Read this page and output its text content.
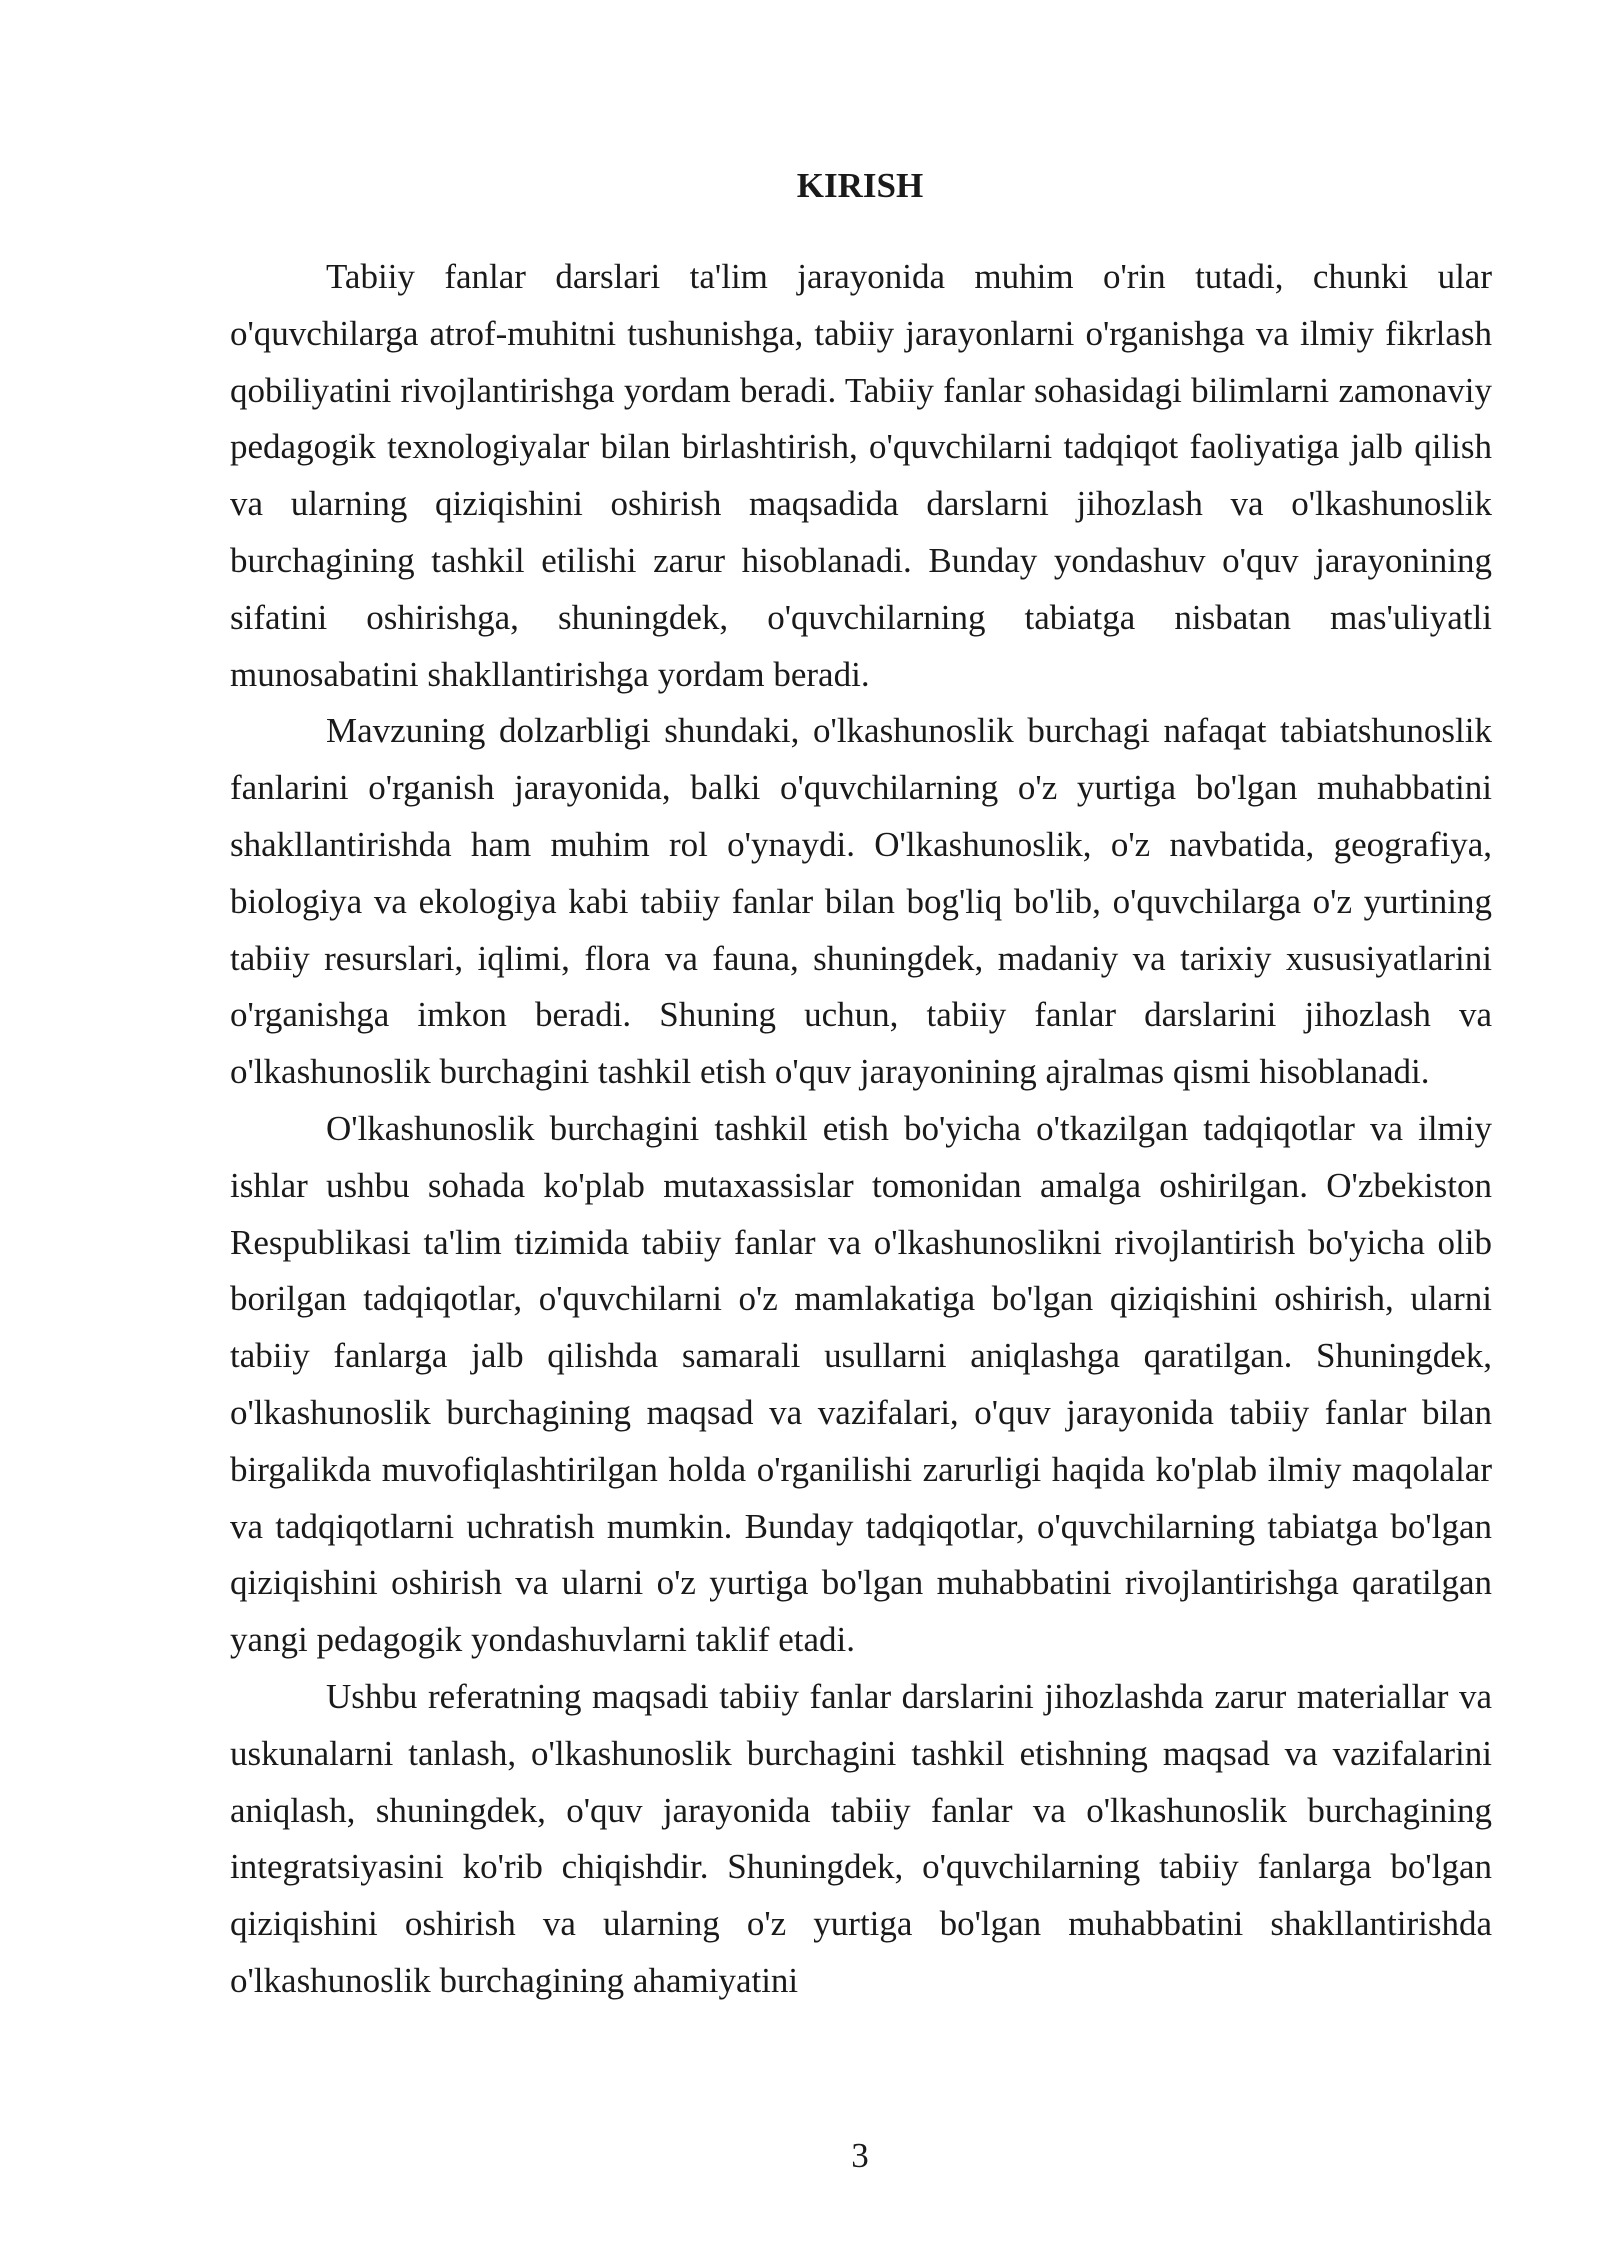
KIRISH

Tabiiy fanlar darslari ta'lim jarayonida muhim o'rin tutadi, chunki ular o'quvchilarga atrof-muhitni tushunishga, tabiiy jarayonlarni o'rganishga va ilmiy fikrlash qobiliyatini rivojlantirishga yordam beradi. Tabiiy fanlar sohasidagi bilimlarni zamonaviy pedagogik texnologiyalar bilan birlashtirish, o'quvchilarni tadqiqot faoliyatiga jalb qilish va ularning qiziqishini oshirish maqsadida darslarni jihozlash va o'lkashunoslik burchagining tashkil etilishi zarur hisoblanadi. Bunday yondashuv o'quv jarayonining sifatini oshirishga, shuningdek, o'quvchilarning tabiatga nisbatan mas'uliyatli munosabatini shakllantirishga yordam beradi.

Mavzuning dolzarbligi shundaki, o'lkashunoslik burchagi nafaqat tabiatshunoslik fanlarini o'rganish jarayonida, balki o'quvchilarning o'z yurtiga bo'lgan muhabbatini shakllantirishda ham muhim rol o'ynaydi. O'lkashunoslik, o'z navbatida, geografiya, biologiya va ekologiya kabi tabiiy fanlar bilan bog'liq bo'lib, o'quvchilarga o'z yurtining tabiiy resurslari, iqlimi, flora va fauna, shuningdek, madaniy va tarixiy xususiyatlarini o'rganishga imkon beradi. Shuning uchun, tabiiy fanlar darslarini jihozlash va o'lkashunoslik burchagini tashkil etish o'quv jarayonining ajralmas qismi hisoblanadi.

O'lkashunoslik burchagini tashkil etish bo'yicha o'tkazilgan tadqiqotlar va ilmiy ishlar ushbu sohada ko'plab mutaxassislar tomonidan amalga oshirilgan. O'zbekiston Respublikasi ta'lim tizimida tabiiy fanlar va o'lkashunoslikni rivojlantirish bo'yicha olib borilgan tadqiqotlar, o'quvchilarni o'z mamlakatiga bo'lgan qiziqishini oshirish, ularni tabiiy fanlarga jalb qilishda samarali usullarni aniqlashga qaratilgan. Shuningdek, o'lkashunoslik burchagining maqsad va vazifalari, o'quv jarayonida tabiiy fanlar bilan birgalikda muvofiqlashtirilgan holda o'rganilishi zarurligi haqida ko'plab ilmiy maqolalar va tadqiqotlarni uchratish mumkin. Bunday tadqiqotlar, o'quvchilarning tabiatga bo'lgan qiziqishini oshirish va ularni o'z yurtiga bo'lgan muhabbatini rivojlantirishga qaratilgan yangi pedagogik yondashuvlarni taklif etadi.

Ushbu referatning maqsadi tabiiy fanlar darslarini jihozlashda zarur materiallar va uskunalarni tanlash, o'lkashunoslik burchagini tashkil etishning maqsad va vazifalarini aniqlash, shuningdek, o'quv jarayonida tabiiy fanlar va o'lkashunoslik burchagining integratsiyasini ko'rib chiqishdir. Shuningdek, o'quvchilarning tabiiy fanlarga bo'lgan qiziqishini oshirish va ularning o'z yurtiga bo'lgan muhabbatini shakllantirishda o'lkashunoslik burchagining ahamiyatini

3
